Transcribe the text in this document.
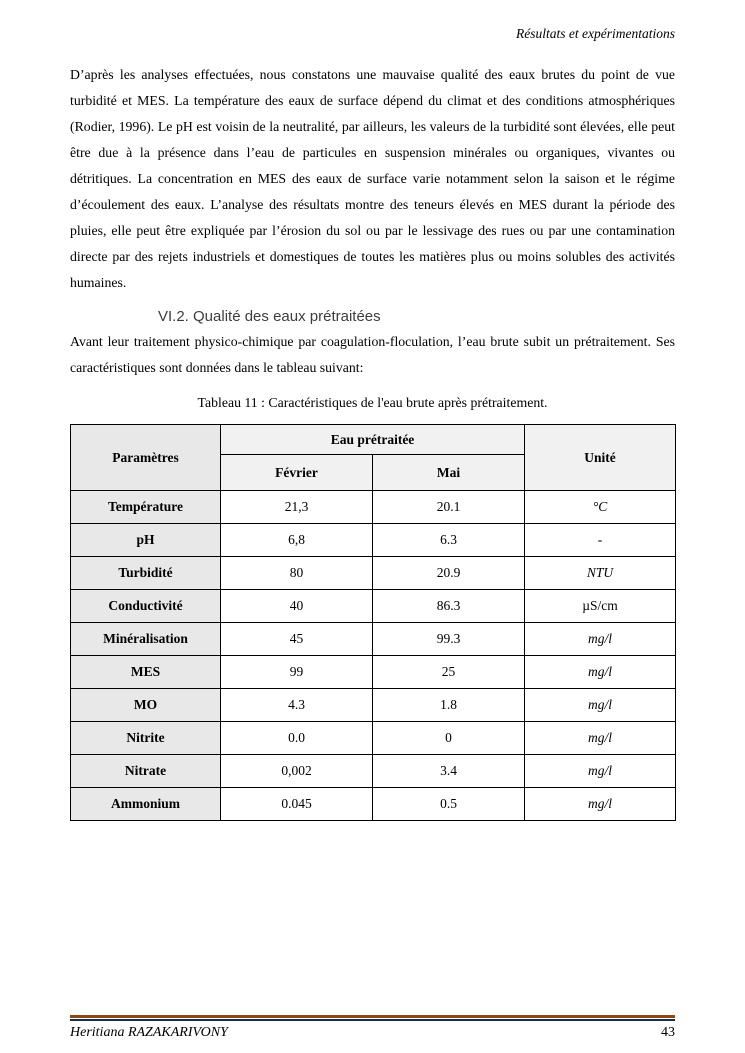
Résultats et expérimentations

D’après les analyses effectuées, nous constatons une mauvaise qualité des eaux brutes du point de vue turbidité et MES. La température des eaux de surface dépend du climat et des conditions atmosphériques (Rodier, 1996). Le pH est voisin de la neutralité, par ailleurs, les valeurs de la turbidité sont élevées, elle peut être due à la présence dans l’eau de particules en suspension minérales ou organiques, vivantes ou détritiques. La concentration en MES des eaux de surface varie notamment selon la saison et le régime d’écoulement des eaux. L’analyse des résultats montre des teneurs élevés en MES durant la période des pluies, elle peut être expliquée par l’érosion du sol ou par le lessivage des rues ou par une contamination directe par des rejets industriels et domestiques de toutes les matières plus ou moins solubles des activités humaines.

VI.2. Qualité des eaux prétraitées

Avant leur traitement physico-chimique par coagulation-floculation, l’eau brute subit un prétraitement. Ses caractéristiques sont données dans le tableau suivant:

Tableau 11 : Caractéristiques de l'eau brute après prétraitement.
Paramètres	Eau prétraitée		Unité
	Février	Mai	
Température	21,3	20.1	°C
pH	6,8	6.3	-
Turbidité	80	20.9	NTU
Conductivité	40	86.3	µS/cm
Minéralisation	45	99.3	mg/l
MES	99	25	mg/l
MO	4.3	1.8	mg/l
Nitrite	0.0	0	mg/l
Nitrate	0,002	3.4	mg/l
Ammonium	0.045	0.5	mg/l
Heritiana RAZAKARIVONY	43
